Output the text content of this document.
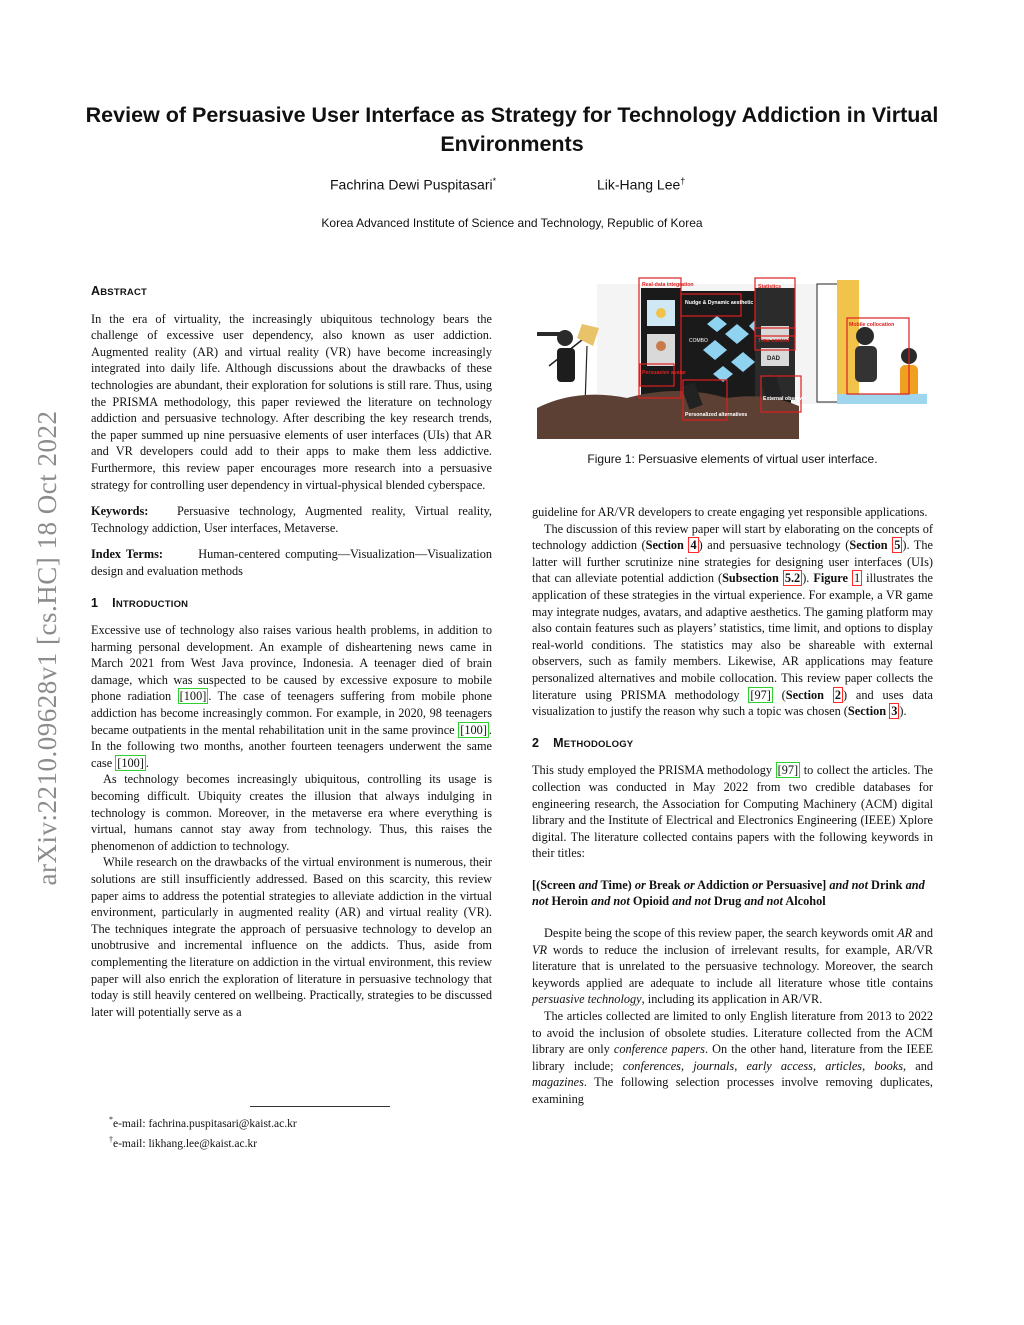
Review of Persuasive User Interface as Strategy for Technology Addiction in Virtual Environments
Fachrina Dewi Puspitasari*	Lik-Hang Lee†
Korea Advanced Institute of Science and Technology, Republic of Korea
arXiv:2210.09628v1 [cs.HC] 18 Oct 2022
ABSTRACT

In the era of virtuality, the increasingly ubiquitous technology bears the challenge of excessive user dependency, also known as user addiction. Augmented reality (AR) and virtual reality (VR) have become increasingly integrated into daily life. Although discussions about the drawbacks of these technologies are abundant, their exploration for solutions is still rare. Thus, using the PRISMA methodology, this paper reviewed the literature on technology addiction and persuasive technology. After describing the key research trends, the paper summed up nine persuasive elements of user interfaces (UIs) that AR and VR developers could add to their apps to make them less addictive. Furthermore, this review paper encourages more research into a persuasive strategy for controlling user dependency in virtual-physical blended cyberspace.

Keywords: Persuasive technology, Augmented reality, Virtual reality, Technology addiction, User interfaces, Metaverse.

Index Terms:	Human-centered computing—Visualization—Visualization design and evaluation methods

1 INTRODUCTION

Excessive use of technology also raises various health problems, in addition to harming personal development. An example of disheartening news came in March 2021 from West Java province, Indonesia. A teenager died of brain damage, which was suspected to be caused by excessive exposure to mobile phone radiation [100] . The case of teenagers suffering from mobile phone addiction has become increasingly common. For example, in 2020, 98 teenagers became outpatients in the mental rehabilitation unit in the same province [100] . In the following two months, another fourteen teenagers underwent the same case [100] .

As technology becomes increasingly ubiquitous, controlling its usage is becoming difficult. Ubiquity creates the illusion that always indulging in technology is common. Moreover, in the metaverse era where everything is virtual, humans cannot stay away from technology. Thus, this raises the phenomenon of addiction to technology.

While research on the drawbacks of the virtual environment is numerous, their solutions are still insufficiently addressed. Based on this scarcity, this review paper aims to address the potential strategies to alleviate addiction in the virtual environment, particularly in augmented reality (AR) and virtual reality (VR). The techniques integrate the approach of persuasive technology to develop an unobtrusive and incremental influence on the addicts. Thus, aside from complementing the literature on addiction in the virtual environment, this review paper will also enrich the exploration of literature in persuasive technology that today is still heavily centered on wellbeing. Practically, strategies to be discussed later will potentially serve as a

*e-mail: fachrina.puspitasari@kaist.ac.kr
†e-mail: likhang.lee@kaist.ac.kr
COMBO
DAD
Real-data integration
Nudge & Dynamic aesthetic
Statistics
Time control
Mobile collocation
Persuasive avatar
Personalized alternatives
External observer
Figure 1: Persuasive elements of virtual user interface.

guideline for AR/VR developers to create engaging yet responsible applications.

The discussion of this review paper will start by elaborating on the concepts of technology addiction (Section 4 ) and persuasive technology (Section 5 ). The latter will further scrutinize nine strategies for designing user interfaces (UIs) that can alleviate potential addiction (Subsection 5.2 ). Figure 1 illustrates the application of these strategies in the virtual experience. For example, a VR game may integrate nudges, avatars, and adaptive aesthetics. The gaming platform may also contain features such as players’ statistics, time limit, and options to display real-world conditions. The statistics may also be shareable with external observers, such as family members. Likewise, AR applications may feature personalized alternatives and mobile collocation. This review paper collects the literature using PRISMA methodology [97] (Section 2 ) and uses data visualization to justify the reason why such a topic was chosen (Section 3 ).

2 METHODOLOGY

This study employed the PRISMA methodology [97] to collect the articles. The collection was conducted in May 2022 from two credible databases for engineering research, the Association for Computing Machinery (ACM) digital library and the Institute of Electrical and Electronics Engineering (IEEE) Xplore digital. The literature collected contains papers with the following keywords in their titles:

[(Screen and Time) or Break or Addiction or Persuasive] and not Drink and not Heroin and not Opioid and not Drug and not Alcohol

Despite being the scope of this review paper, the search keywords omit AR and VR words to reduce the inclusion of irrelevant results, for example, AR/VR literature that is unrelated to the persuasive technology. Moreover, the search keywords applied are adequate to include all literature whose title contains persuasive technology, including its application in AR/VR.

The articles collected are limited to only English literature from 2013 to 2022 to avoid the inclusion of obsolete studies. Literature collected from the ACM library are only conference papers. On the other hand, literature from the IEEE library include; conferences, journals, early access, articles, books, and magazines. The following selection processes involve removing duplicates, examining
